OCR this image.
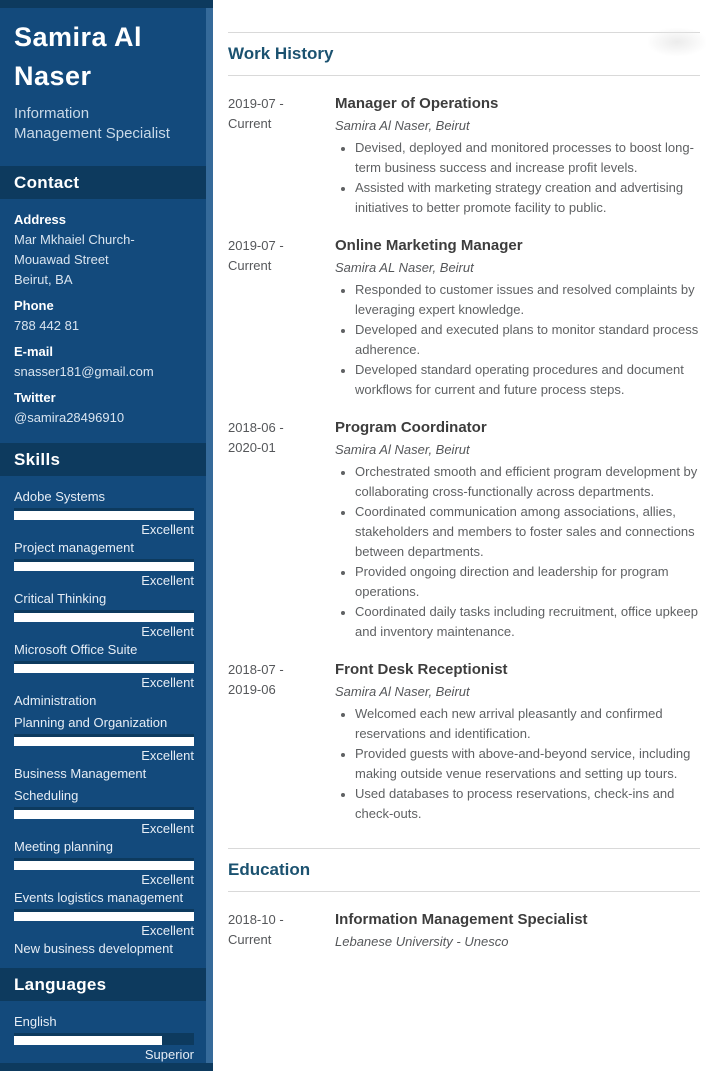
Samira Al
Naser
Information
Management Specialist
Contact
Address
Mar Mkhaiel Church-
Mouawad Street
Beirut, BA
Phone
788 442 81
E-mail
snasser181@gmail.com
Twitter
@samira28496910
Skills
Adobe Systems
Excellent
Project management
Excellent
Critical Thinking
Excellent
Microsoft Office Suite
Excellent
Administration
Planning and Organization
Excellent
Business Management
Scheduling
Excellent
Meeting planning
Excellent
Events logistics management
Excellent
New business development
Languages
English
Superior
Work History
2019-07 -
Current
Manager of Operations
Samira Al Naser, Beirut
• Devised, deployed and monitored processes to boost long-term business success and increase profit levels.
• Assisted with marketing strategy creation and advertising initiatives to better promote facility to public.
2019-07 -
Current
Online Marketing Manager
Samira AL Naser, Beirut
• Responded to customer issues and resolved complaints by leveraging expert knowledge.
• Developed and executed plans to monitor standard process adherence.
• Developed standard operating procedures and document workflows for current and future process steps.
2018-06 -
2020-01
Program Coordinator
Samira Al Naser, Beirut
• Orchestrated smooth and efficient program development by collaborating cross-functionally across departments.
• Coordinated communication among associations, allies, stakeholders and members to foster sales and connections between departments.
• Provided ongoing direction and leadership for program operations.
• Coordinated daily tasks including recruitment, office upkeep and inventory maintenance.
2018-07 -
2019-06
Front Desk Receptionist
Samira Al Naser, Beirut
• Welcomed each new arrival pleasantly and confirmed reservations and identification.
• Provided guests with above-and-beyond service, including making outside venue reservations and setting up tours.
• Used databases to process reservations, check-ins and check-outs.
Education
2018-10 -
Current
Information Management Specialist
Lebanese University - Unesco
